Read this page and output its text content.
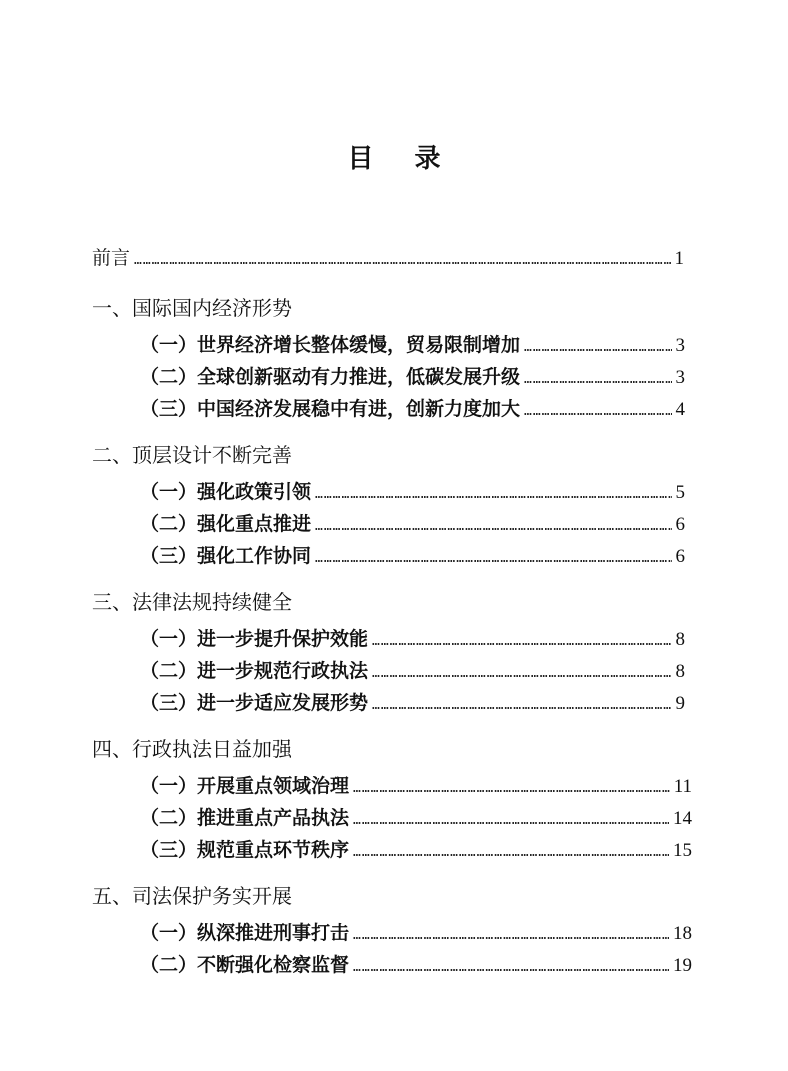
目 录
前言 …………………………………………………………………………………………………………………………………………………………………………	1
一、国际国内经济形势
（一）世界经济增长整体缓慢，贸易限制增加 …………………………………………………………………………………………………………………………………………………………………………	3
（二）全球创新驱动有力推进，低碳发展升级 …………………………………………………………………………………………………………………………………………………………………………	3
（三）中国经济发展稳中有进，创新力度加大 …………………………………………………………………………………………………………………………………………………………………………	4
二、顶层设计不断完善
（一）强化政策引领 …………………………………………………………………………………………………………………………………………………………………………	5
（二）强化重点推进 …………………………………………………………………………………………………………………………………………………………………………	6
（三）强化工作协同 …………………………………………………………………………………………………………………………………………………………………………	6
三、法律法规持续健全
（一）进一步提升保护效能 …………………………………………………………………………………………………………………………………………………………………………	8
（二）进一步规范行政执法 …………………………………………………………………………………………………………………………………………………………………………	8
（三）进一步适应发展形势 …………………………………………………………………………………………………………………………………………………………………………	9
四、行政执法日益加强
（一）开展重点领域治理 …………………………………………………………………………………………………………………………………………………………………………	11
（二）推进重点产品执法 …………………………………………………………………………………………………………………………………………………………………………	14
（三）规范重点环节秩序 …………………………………………………………………………………………………………………………………………………………………………	15
五、司法保护务实开展
（一）纵深推进刑事打击 …………………………………………………………………………………………………………………………………………………………………………	18
（二）不断强化检察监督 …………………………………………………………………………………………………………………………………………………………………………	19
